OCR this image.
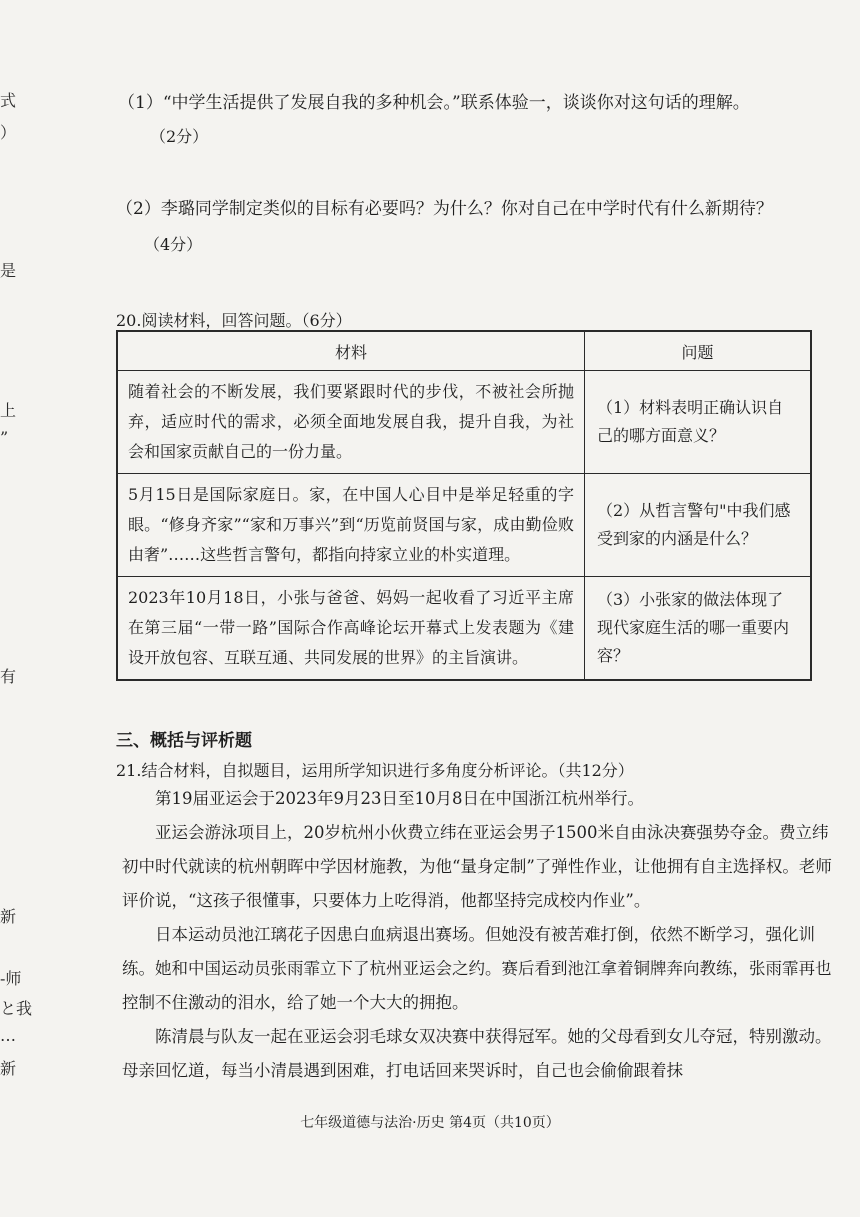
式
）
是
上
”
有
新
-师
と我
…
新
（1）“中学生活提供了发展自我的多种机会。”联系体验一，谈谈你对这句话的理解。
（2分）
（2）李璐同学制定类似的目标有必要吗？为什么？你对自己在中学时代有什么新期待？
（4分）
20.阅读材料，回答问题。（6分）
材料	问题
随着社会的不断发展，我们要紧跟时代的步伐，不被社会所抛弃，适应时代的需求，必须全面地发展自我，提升自我，为社会和国家贡献自己的一份力量。	（1）材料表明正确认识自己的哪方面意义？
5月15日是国际家庭日。家，在中国人心目中是举足轻重的字眼。“修身齐家”“家和万事兴”到“历览前贤国与家，成由勤俭败由奢”……这些哲言警句，都指向持家立业的朴实道理。	（2）从哲言警句"中我们感受到家的内涵是什么？
2023年10月18日，小张与爸爸、妈妈一起收看了习近平主席在第三届“一带一路”国际合作高峰论坛开幕式上发表题为《建设开放包容、互联互通、共同发展的世界》的主旨演讲。	（3）小张家的做法体现了现代家庭生活的哪一重要内容？
三、概括与评析题
21.结合材料，自拟题目，运用所学知识进行多角度分析评论。（共12分）

第19届亚运会于2023年9月23日至10月8日在中国浙江杭州举行。

亚运会游泳项目上，20岁杭州小伙费立纬在亚运会男子1500米自由泳决赛强势夺金。费立纬初中时代就读的杭州朝晖中学因材施教，为他“量身定制”了弹性作业，让他拥有自主选择权。老师评价说，“这孩子很懂事，只要体力上吃得消，他都坚持完成校内作业”。

日本运动员池江璃花子因患白血病退出赛场。但她没有被苦难打倒，依然不断学习，强化训练。她和中国运动员张雨霏立下了杭州亚运会之约。赛后看到池江拿着铜牌奔向教练，张雨霏再也控制不住激动的泪水，给了她一个大大的拥抱。

陈清晨与队友一起在亚运会羽毛球女双决赛中获得冠军。她的父母看到女儿夺冠，特别激动。母亲回忆道，每当小清晨遇到困难，打电话回来哭诉时，自己也会偷偷跟着抹

七年级道德与法治·历史 第4页（共10页）
